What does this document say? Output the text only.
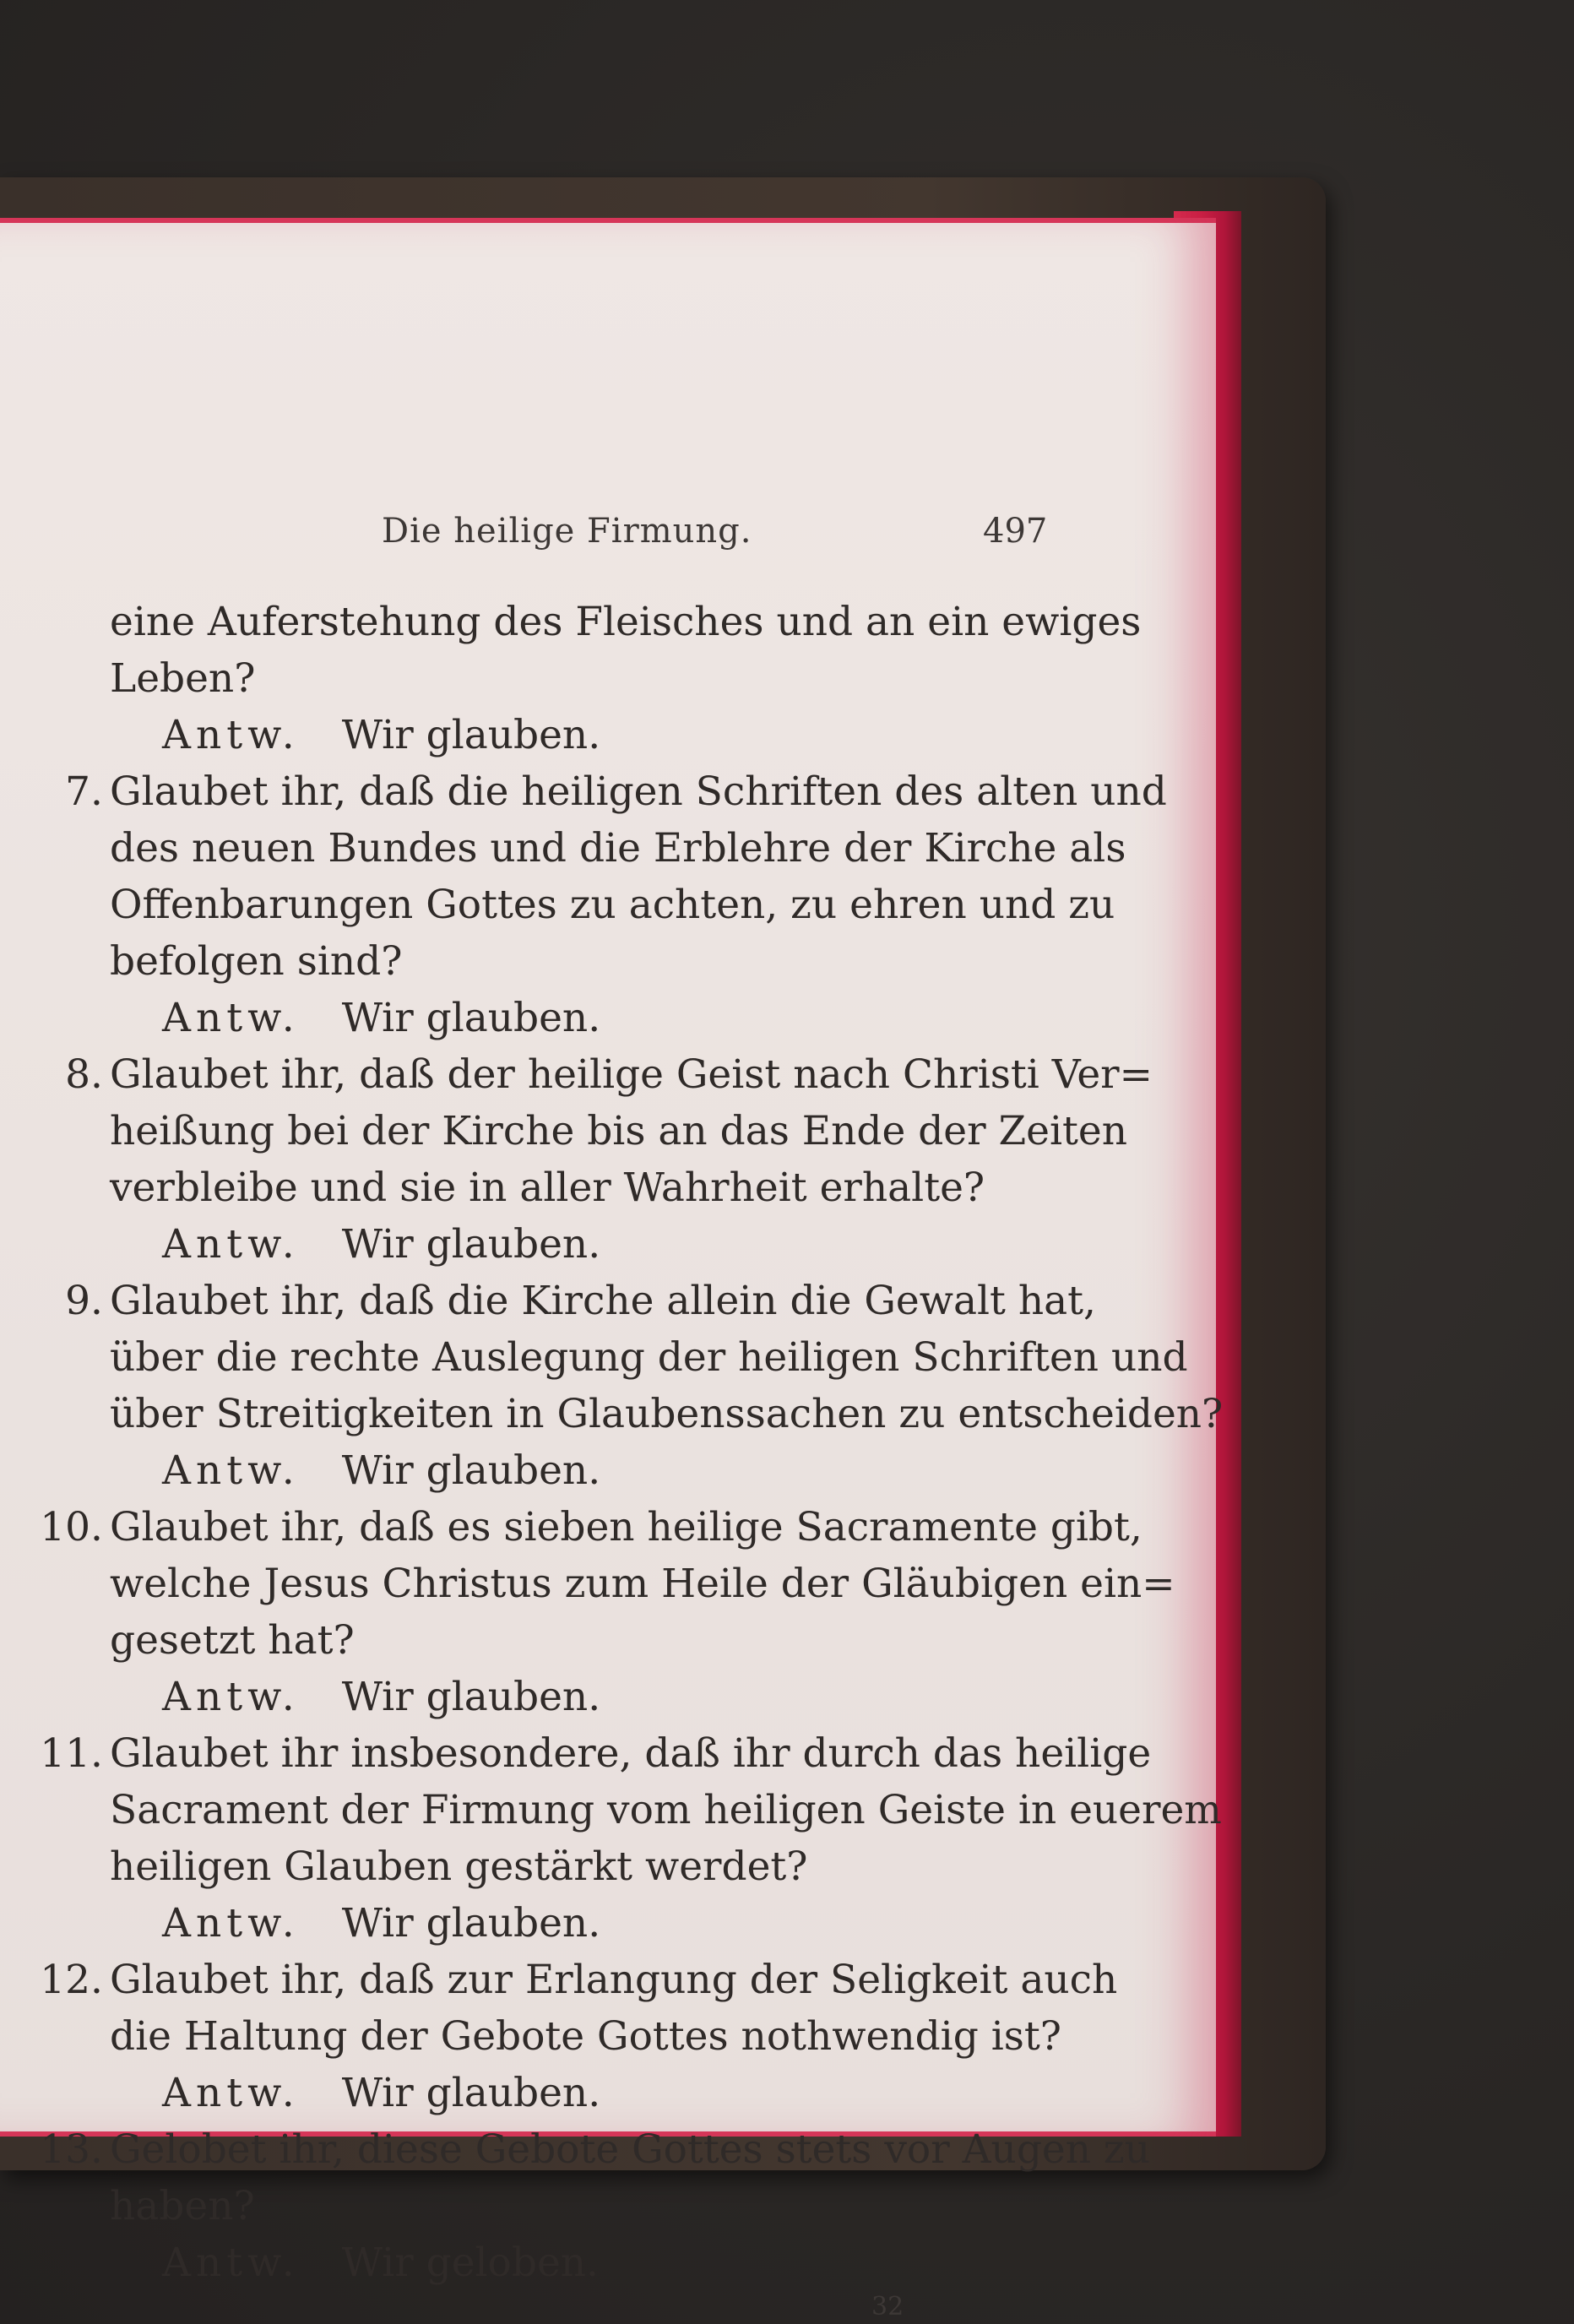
Die heilige Firmung.	497
eine Auferstehung des Fleisches und an ein ewiges
Leben?
Antw. Wir glauben.
7. Glaubet ihr, daß die heiligen Schriften des alten und
des neuen Bundes und die Erblehre der Kirche als
Offenbarungen Gottes zu achten, zu ehren und zu
befolgen sind?
Antw. Wir glauben.
8. Glaubet ihr, daß der heilige Geist nach Christi Ver=
heißung bei der Kirche bis an das Ende der Zeiten
verbleibe und sie in aller Wahrheit erhalte?
Antw. Wir glauben.
9. Glaubet ihr, daß die Kirche allein die Gewalt hat,
über die rechte Auslegung der heiligen Schriften und
über Streitigkeiten in Glaubenssachen zu entscheiden?
Antw. Wir glauben.
10. Glaubet ihr, daß es sieben heilige Sacramente gibt,
welche Jesus Christus zum Heile der Gläubigen ein=
gesetzt hat?
Antw. Wir glauben.
11. Glaubet ihr insbesondere, daß ihr durch das heilige
Sacrament der Firmung vom heiligen Geiste in euerem
heiligen Glauben gestärkt werdet?
Antw. Wir glauben.
12. Glaubet ihr, daß zur Erlangung der Seligkeit auch
die Haltung der Gebote Gottes nothwendig ist?
Antw. Wir glauben.
13. Gelobet ihr, diese Gebote Gottes stets vor Augen zu
haben?
Antw. Wir geloben.
32
